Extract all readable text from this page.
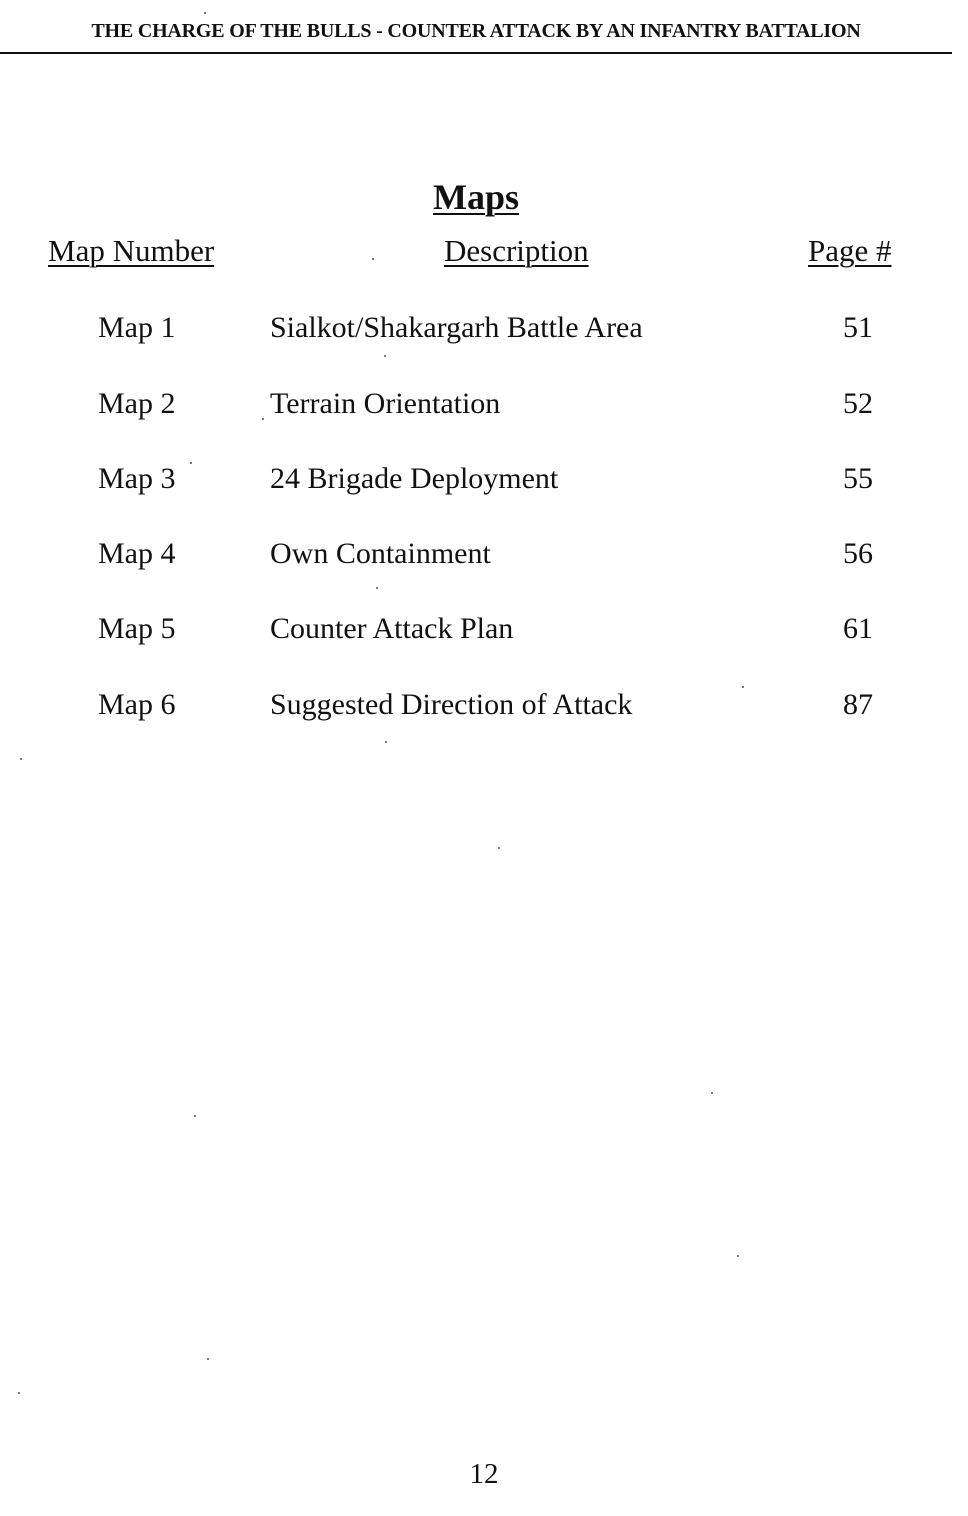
THE CHARGE OF THE BULLS - COUNTER ATTACK BY AN INFANTRY BATTALION
Maps
Map Number	Description	Page #
Map 1	Sialkot/Shakargarh Battle Area	51
Map 2	Terrain Orientation	52
Map 3	24 Brigade Deployment	55
Map 4	Own Containment	56
Map 5	Counter Attack Plan	61
Map 6	Suggested Direction of Attack	87
12
